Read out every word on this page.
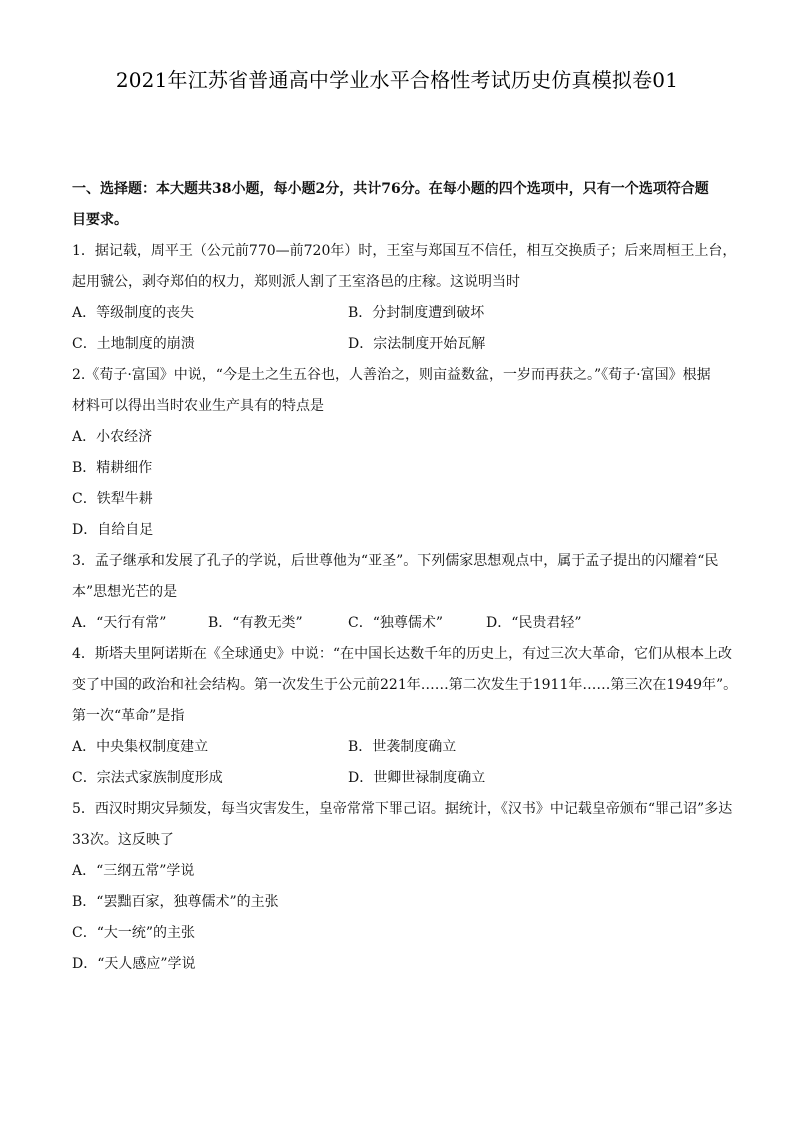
2021年江苏省普通高中学业水平合格性考试历史仿真模拟卷01
一、选择题：本大题共38小题，每小题2分，共计76分。在每小题的四个选项中，只有一个选项符合题
目要求。
1．据记载，周平王（公元前770—前720年）时，王室与郑国互不信任，相互交换质子；后来周桓王上台，
起用虢公，剥夺郑伯的权力，郑则派人割了王室洛邑的庄稼。这说明当时
A．等级制度的丧失	B．分封制度遭到破坏
C．土地制度的崩溃	D．宗法制度开始瓦解
2.《荀子·富国》中说，“今是土之生五谷也，人善治之，则亩益数盆，一岁而再获之。”《荀子·富国》根据
材料可以得出当时农业生产具有的特点是
A．小农经济
B．精耕细作
C．铁犁牛耕
D．自给自足
3．孟子继承和发展了孔子的学说，后世尊他为“亚圣”。下列儒家思想观点中，属于孟子提出的闪耀着“民
本”思想光芒的是
A．“天行有常”	B．“有教无类”	C．“独尊儒术”	D．“民贵君轻”
4．斯塔夫里阿诺斯在《全球通史》中说：“在中国长达数千年的历史上，有过三次大革命，它们从根本上改
变了中国的政治和社会结构。第一次发生于公元前221年……第二次发生于1911年……第三次在1949年”。
第一次“革命”是指
A．中央集权制度建立	B．世袭制度确立
C．宗法式家族制度形成	D．世卿世禄制度确立
5．西汉时期灾异频发，每当灾害发生，皇帝常常下罪己诏。据统计，《汉书》中记载皇帝颁布“罪己诏”多达
33次。这反映了
A．“三纲五常”学说
B．“罢黜百家，独尊儒术”的主张
C．“大一统”的主张
D．“天人感应”学说
